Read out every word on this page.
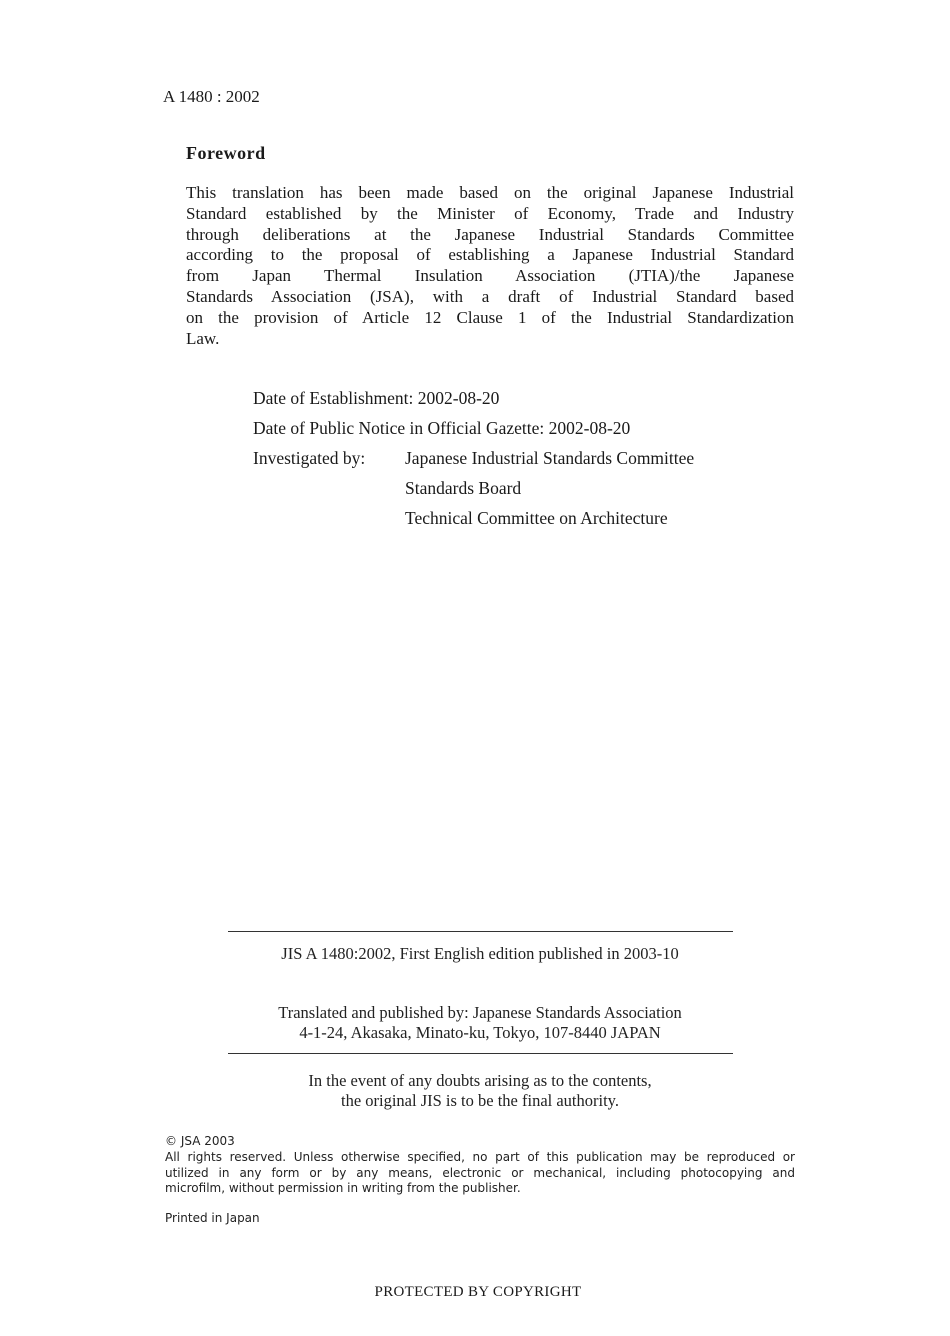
A 1480 : 2002
Foreword
This translation has been made based on the original Japanese Industrial
Standard established by the Minister of Economy, Trade and Industry
through deliberations at the Japanese Industrial Standards Committee
according to the proposal of establishing a Japanese Industrial Standard
from Japan Thermal Insulation Association (JTIA)/the Japanese
Standards Association (JSA), with a draft of Industrial Standard based
on the provision of Article 12 Clause 1 of the Industrial Standardization
Law.
Date of Establishment: 2002-08-20
Date of Public Notice in Official Gazette: 2002-08-20
Investigated by: Japanese Industrial Standards Committee
Standards Board
Technical Committee on Architecture
JIS A 1480:2002, First English edition published in 2003-10
Translated and published by: Japanese Standards Association
4-1-24, Akasaka, Minato-ku, Tokyo, 107-8440 JAPAN
In the event of any doubts arising as to the contents,
the original JIS is to be the final authority.
© JSA 2003
All rights reserved. Unless otherwise specified, no part of this publication may be reproduced or
utilized in any form or by any means, electronic or mechanical, including photocopying and
microfilm, without permission in writing from the publisher.
Printed in Japan
PROTECTED BY COPYRIGHT
